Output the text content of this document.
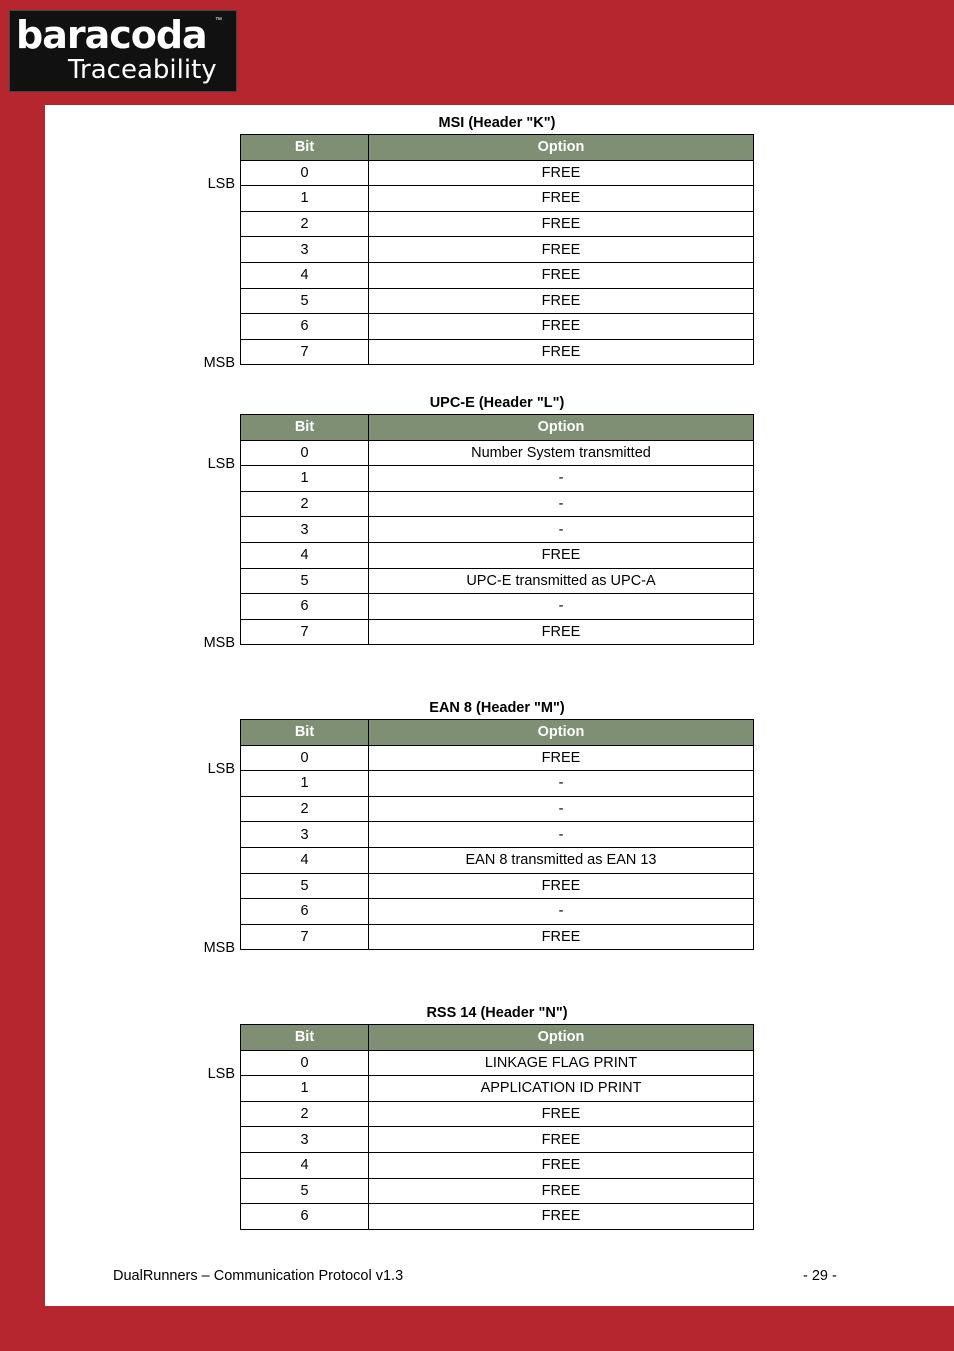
baracoda ™
Traceability
MSI (Header "K")
LSB
MSB
Bit	Option
0	FREE
1	FREE
2	FREE
3	FREE
4	FREE
5	FREE
6	FREE
7	FREE
UPC-E (Header "L")
LSB
MSB
Bit	Option
0	Number System transmitted
1	-
2	-
3	-
4	FREE
5	UPC-E transmitted as UPC-A
6	-
7	FREE
EAN 8 (Header "M")
LSB
MSB
Bit	Option
0	FREE
1	-
2	-
3	-
4	EAN 8 transmitted as EAN 13
5	FREE
6	-
7	FREE
RSS 14 (Header "N")
LSB
Bit	Option
0	LINKAGE FLAG PRINT
1	APPLICATION ID PRINT
2	FREE
3	FREE
4	FREE
5	FREE
6	FREE
DualRunners – Communication Protocol v1.3	- 29 -
